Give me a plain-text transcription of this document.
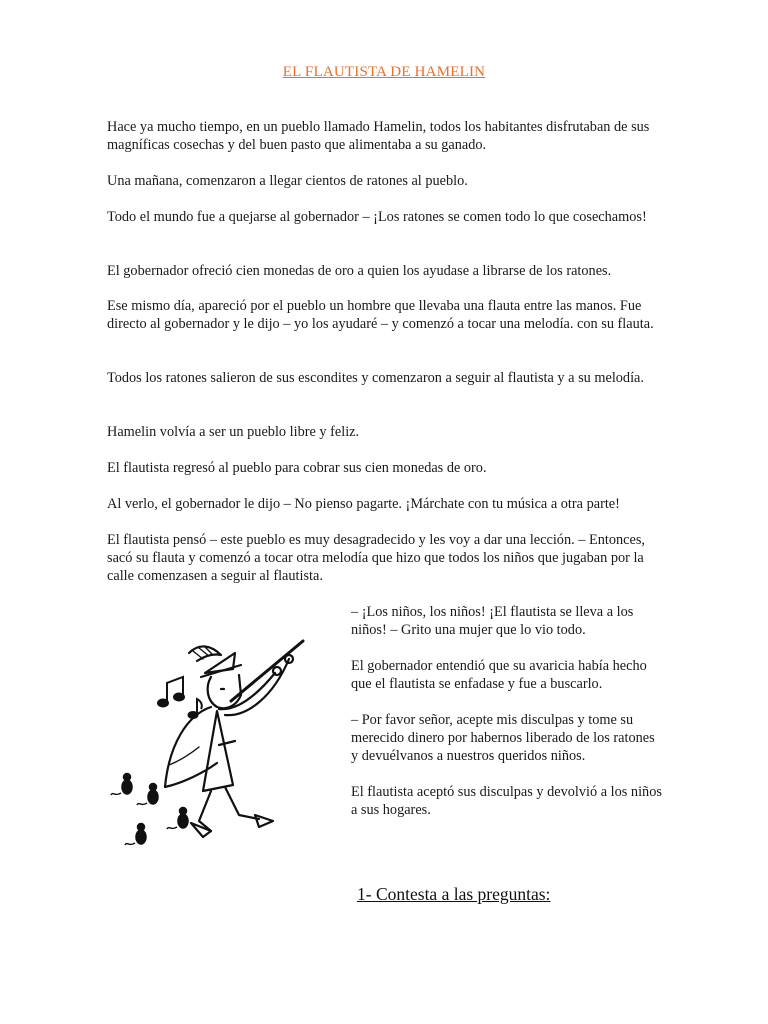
EL FLAUTISTA DE HAMELIN

Hace ya mucho tiempo, en un pueblo llamado Hamelin, todos los habitantes disfrutaban de sus magníficas cosechas y del buen pasto que alimentaba a su ganado.

Una mañana, comenzaron a llegar cientos de ratones al pueblo.

Todo el mundo fue a quejarse al gobernador – ¡Los ratones se comen todo lo que cosechamos!

El gobernador ofreció cien monedas de oro a quien los ayudase a librarse de los ratones.

Ese mismo día, apareció por el pueblo un hombre que llevaba una flauta entre las manos. Fue directo al gobernador y le dijo – yo los ayudaré – y comenzó a tocar una melodía. con su flauta.

Todos los ratones salieron de sus escondites y comenzaron a seguir al flautista y a su melodía.

Hamelin volvía a ser un pueblo libre y feliz.

El flautista regresó al pueblo para cobrar sus cien monedas de oro.

Al verlo, el gobernador le dijo – No pienso pagarte. ¡Márchate con tu música a otra parte!

El flautista pensó – este pueblo es muy desagradecido y les voy a dar una lección. – Entonces, sacó su flauta y comenzó a tocar otra melodía que hizo que todos los niños que jugaban por la calle comenzasen a seguir al flautista.

– ¡Los niños, los niños! ¡El flautista se lleva a los niños! – Grito una mujer que lo vio todo.

El gobernador entendió que su avaricia había hecho que el flautista se enfadase y fue a buscarlo.

– Por favor señor, acepte mis disculpas y tome su merecido dinero por habernos liberado de los ratones y devuélvanos a nuestros queridos niños.

El flautista aceptó sus disculpas y devolvió a los niños a sus hogares.

1- Contesta a las preguntas:
